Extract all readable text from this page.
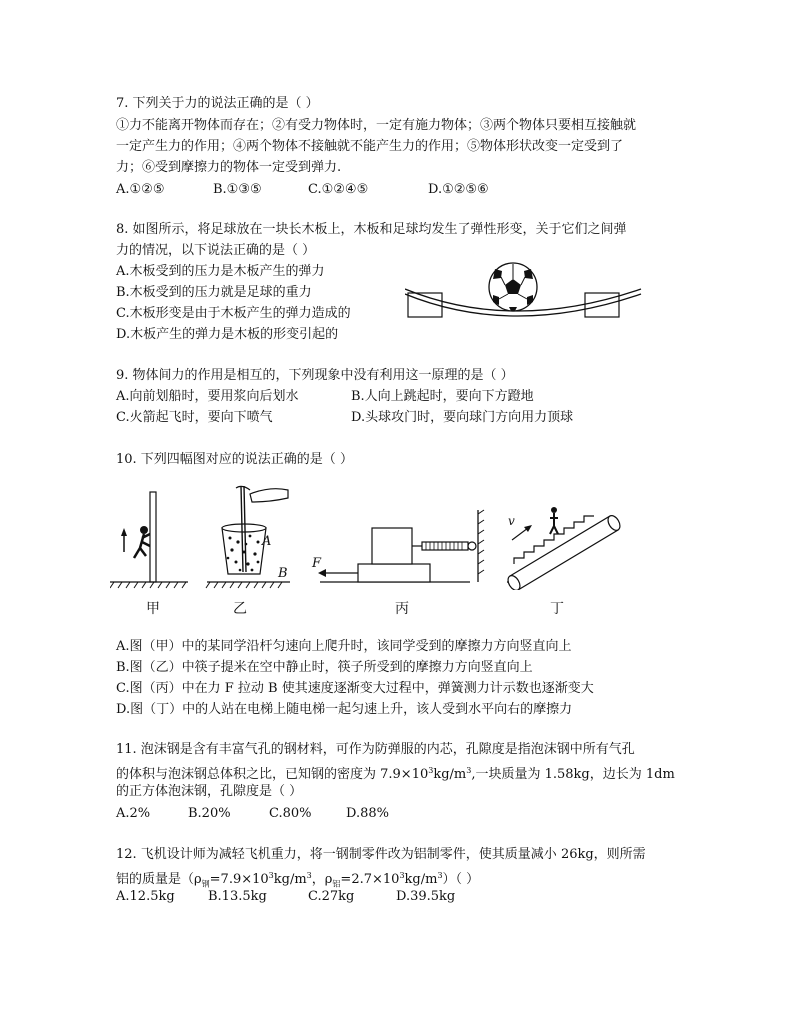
7. 下列关于力的说法正确的是（ ）
①力不能离开物体而存在；②有受力物体时，一定有施力物体；③两个物体只要相互接触就
一定产生力的作用；④两个物体不接触就不能产生力的作用；⑤物体形状改变一定受到了
力；⑥受到摩擦力的物体一定受到弹力.
A.①②⑤	B.①③⑤	C.①②④⑤	D.①②⑤⑥
8. 如图所示，将足球放在一块长木板上，木板和足球均发生了弹性形变，关于它们之间弹
力的情况，以下说法正确的是（ ）
A.木板受到的压力是木板产生的弹力
B.木板受到的压力就是足球的重力
C.木板形变是由于木板产生的弹力造成的
D.木板产生的弹力是木板的形变引起的
9. 物体间力的作用是相互的，下列现象中没有利用这一原理的是（ ）
A.向前划船时，要用浆向后划水	B.人向上跳起时，要向下方蹬地
C.火箭起飞时，要向下喷气	D.头球攻门时，要向球门方向用力顶球
10. 下列四幅图对应的说法正确的是（ ）
A
B
F
v
甲	乙	丙	丁
A.图（甲）中的某同学沿杆匀速向上爬升时，该同学受到的摩擦力方向竖直向上
B.图（乙）中筷子提米在空中静止时，筷子所受到的摩擦力方向竖直向上
C.图（丙）中在力 F 拉动 B 使其速度逐渐变大过程中，弹簧测力计示数也逐渐变大
D.图（丁）中的人站在电梯上随电梯一起匀速上升，该人受到水平向右的摩擦力
11. 泡沫钢是含有丰富气孔的钢材料，可作为防弹服的内芯，孔隙度是指泡沫钢中所有气孔
的体积与泡沫钢总体积之比，已知钢的密度为 $7.9\times 10^3kg/m^3$,一块质量为 1.58kg，边长为 1dm
的正方体泡沫钢，孔隙度是（ ）
A.2%	B.20%	C.80%	D.88%
12. 飞机设计师为减轻飞机重力，将一钢制零件改为铝制零件，使其质量减小 26kg，则所需
铝的质量是（$\rho_钢=7.9\times 10^3kg/m^3$，$\rho_铝=2.7\times 10^3kg/m^3$）（ ）
A.12.5kg	B.13.5kg	C.27kg	D.39.5kg
